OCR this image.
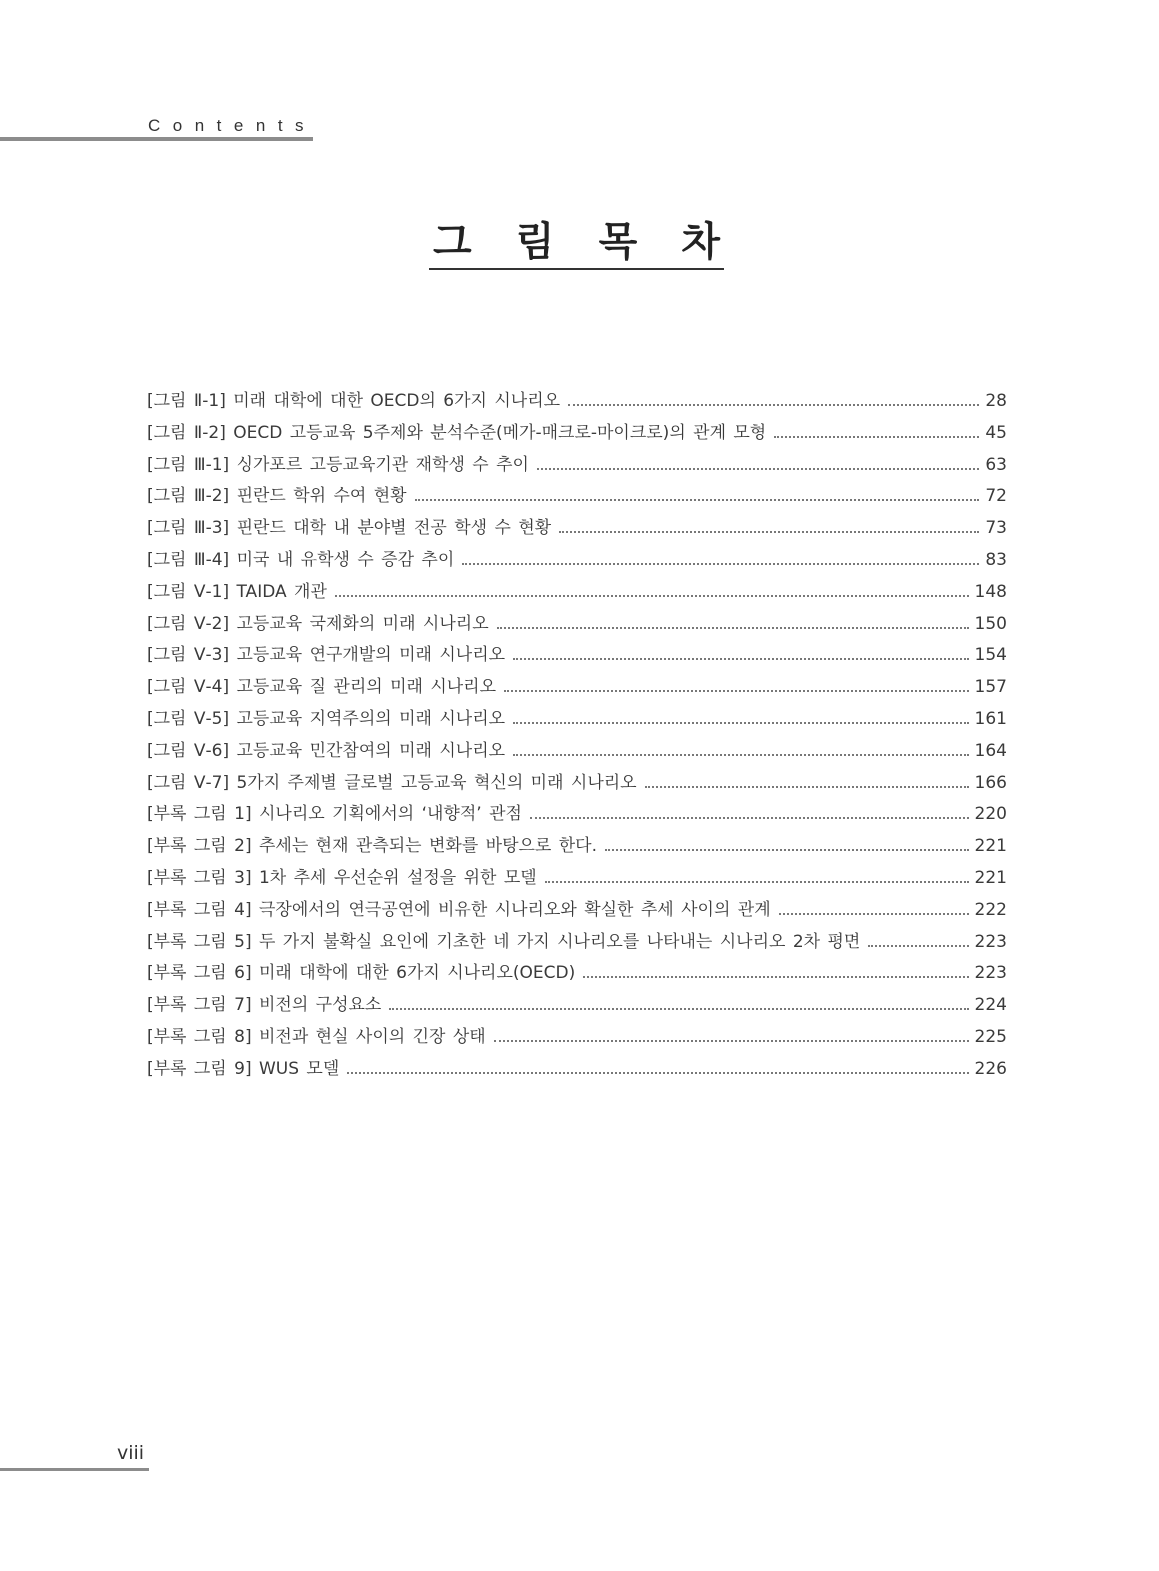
Contents
그 림 목 차
[그림 Ⅱ-1] 미래 대학에 대한 OECD의 6가지 시나리오	28
[그림 Ⅱ-2] OECD 고등교육 5주제와 분석수준(메가-매크로-마이크로)의 관계 모형	45
[그림 Ⅲ-1] 싱가포르 고등교육기관 재학생 수 추이	63
[그림 Ⅲ-2] 핀란드 학위 수여 현황	72
[그림 Ⅲ-3] 핀란드 대학 내 분야별 전공 학생 수 현황	73
[그림 Ⅲ-4] 미국 내 유학생 수 증감 추이	83
[그림 Ⅴ-1] TAIDA 개관	148
[그림 Ⅴ-2] 고등교육 국제화의 미래 시나리오	150
[그림 Ⅴ-3] 고등교육 연구개발의 미래 시나리오	154
[그림 Ⅴ-4] 고등교육 질 관리의 미래 시나리오	157
[그림 Ⅴ-5] 고등교육 지역주의의 미래 시나리오	161
[그림 Ⅴ-6] 고등교육 민간참여의 미래 시나리오	164
[그림 Ⅴ-7] 5가지 주제별 글로벌 고등교육 혁신의 미래 시나리오	166
[부록 그림 1] 시나리오 기획에서의 ‘내향적’ 관점	220
[부록 그림 2] 추세는 현재 관측되는 변화를 바탕으로 한다.	221
[부록 그림 3] 1차 추세 우선순위 설정을 위한 모델	221
[부록 그림 4] 극장에서의 연극공연에 비유한 시나리오와 확실한 추세 사이의 관계	222
[부록 그림 5] 두 가지 불확실 요인에 기초한 네 가지 시나리오를 나타내는 시나리오 2차 평면	223
[부록 그림 6] 미래 대학에 대한 6가지 시나리오(OECD)	223
[부록 그림 7] 비전의 구성요소	224
[부록 그림 8] 비전과 현실 사이의 긴장 상태	225
[부록 그림 9] WUS 모델	226
viii
